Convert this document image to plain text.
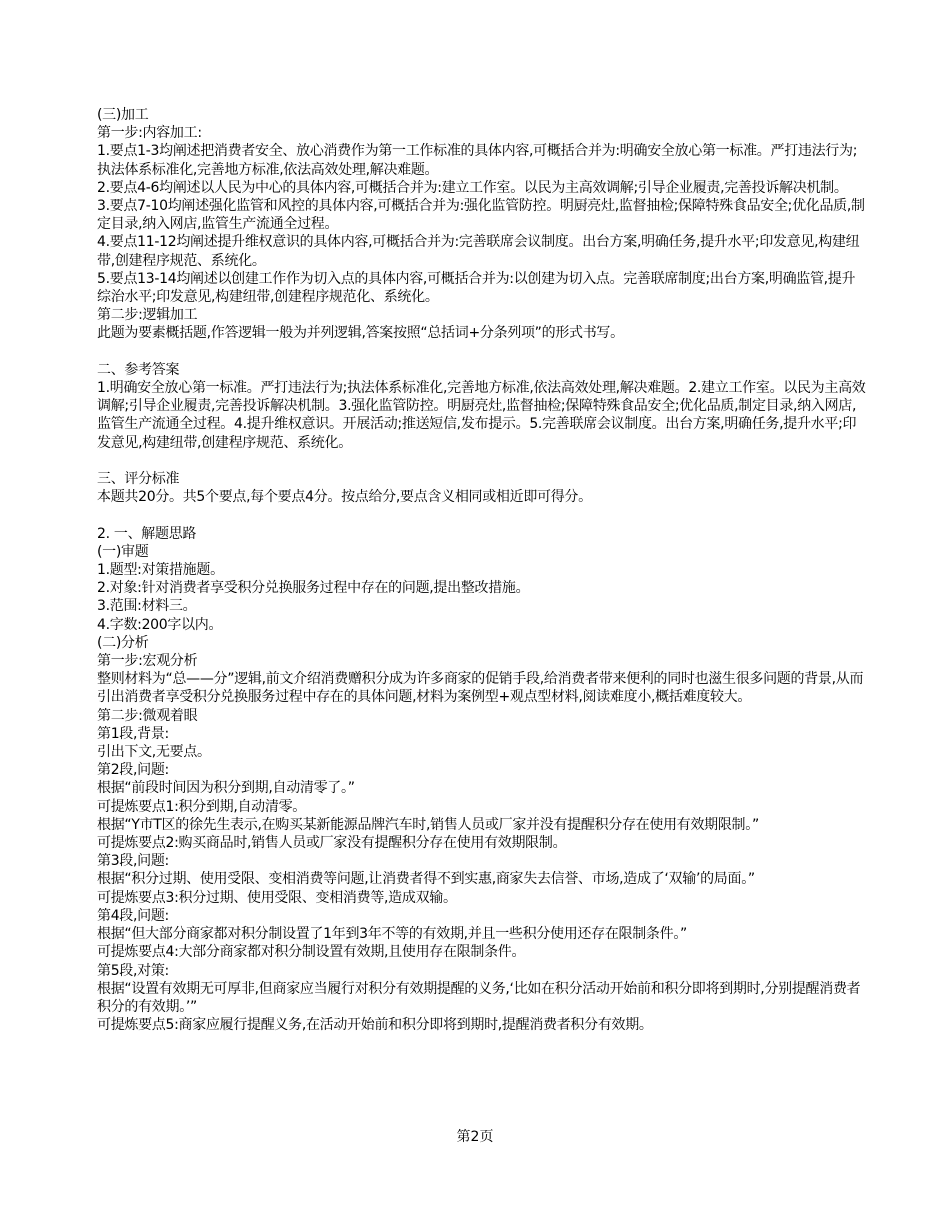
(三)加工

第一步:内容加工:

1.要点1-3均阐述把消费者安全、放心消费作为第一工作标准的具体内容,可概括合并为:明确安全放心第一标准。严打违法行为;执法体系标准化,完善地方标准,依法高效处理,解决难题。

2.要点4-6均阐述以人民为中心的具体内容,可概括合并为:建立工作室。以民为主高效调解;引导企业履责,完善投诉解决机制。

3.要点7-10均阐述强化监管和风控的具体内容,可概括合并为:强化监管防控。明厨亮灶,监督抽检;保障特殊食品安全;优化品质,制定目录,纳入网店,监管生产流通全过程。

4.要点11-12均阐述提升维权意识的具体内容,可概括合并为:完善联席会议制度。出台方案,明确任务,提升水平;印发意见,构建纽带,创建程序规范、系统化。

5.要点13-14均阐述以创建工作作为切入点的具体内容,可概括合并为:以创建为切入点。完善联席制度;出台方案,明确监管,提升综治水平;印发意见,构建纽带,创建程序规范化、系统化。

第二步:逻辑加工

此题为要素概括题,作答逻辑一般为并列逻辑,答案按照“总括词+分条列项”的形式书写。

二、参考答案

1.明确安全放心第一标准。严打违法行为;执法体系标准化,完善地方标准,依法高效处理,解决难题。2.建立工作室。以民为主高效调解;引导企业履责,完善投诉解决机制。3.强化监管防控。明厨亮灶,监督抽检;保障特殊食品安全;优化品质,制定目录,纳入网店,监管生产流通全过程。4.提升维权意识。开展活动;推送短信,发布提示。5.完善联席会议制度。出台方案,明确任务,提升水平;印发意见,构建纽带,创建程序规范、系统化。

三、评分标准

本题共20分。共5个要点,每个要点4分。按点给分,要点含义相同或相近即可得分。

2. 一、解题思路

(一)审题

1.题型:对策措施题。

2.对象:针对消费者享受积分兑换服务过程中存在的问题,提出整改措施。

3.范围:材料三。

4.字数:200字以内。

(二)分析

第一步:宏观分析

整则材料为“总——分”逻辑,前文介绍消费赠积分成为许多商家的促销手段,给消费者带来便利的同时也滋生很多问题的背景,从而引出消费者享受积分兑换服务过程中存在的具体问题,材料为案例型+观点型材料,阅读难度小,概括难度较大。

第二步:微观着眼

第1段,背景:

引出下文,无要点。

第2段,问题:

根据“前段时间因为积分到期,自动清零了。”

可提炼要点1:积分到期,自动清零。

根据“Y市T区的徐先生表示,在购买某新能源品牌汽车时,销售人员或厂家并没有提醒积分存在使用有效期限制。”

可提炼要点2:购买商品时,销售人员或厂家没有提醒积分存在使用有效期限制。

第3段,问题:

根据“积分过期、使用受限、变相消费等问题,让消费者得不到实惠,商家失去信誉、市场,造成了‘双输’的局面。”

可提炼要点3:积分过期、使用受限、变相消费等,造成双输。

第4段,问题:

根据“但大部分商家都对积分制设置了1年到3年不等的有效期,并且一些积分使用还存在限制条件。”

可提炼要点4:大部分商家都对积分制设置有效期,且使用存在限制条件。

第5段,对策:

根据“设置有效期无可厚非,但商家应当履行对积分有效期提醒的义务,‘比如在积分活动开始前和积分即将到期时,分别提醒消费者积分的有效期。’”

可提炼要点5:商家应履行提醒义务,在活动开始前和积分即将到期时,提醒消费者积分有效期。

第2页
